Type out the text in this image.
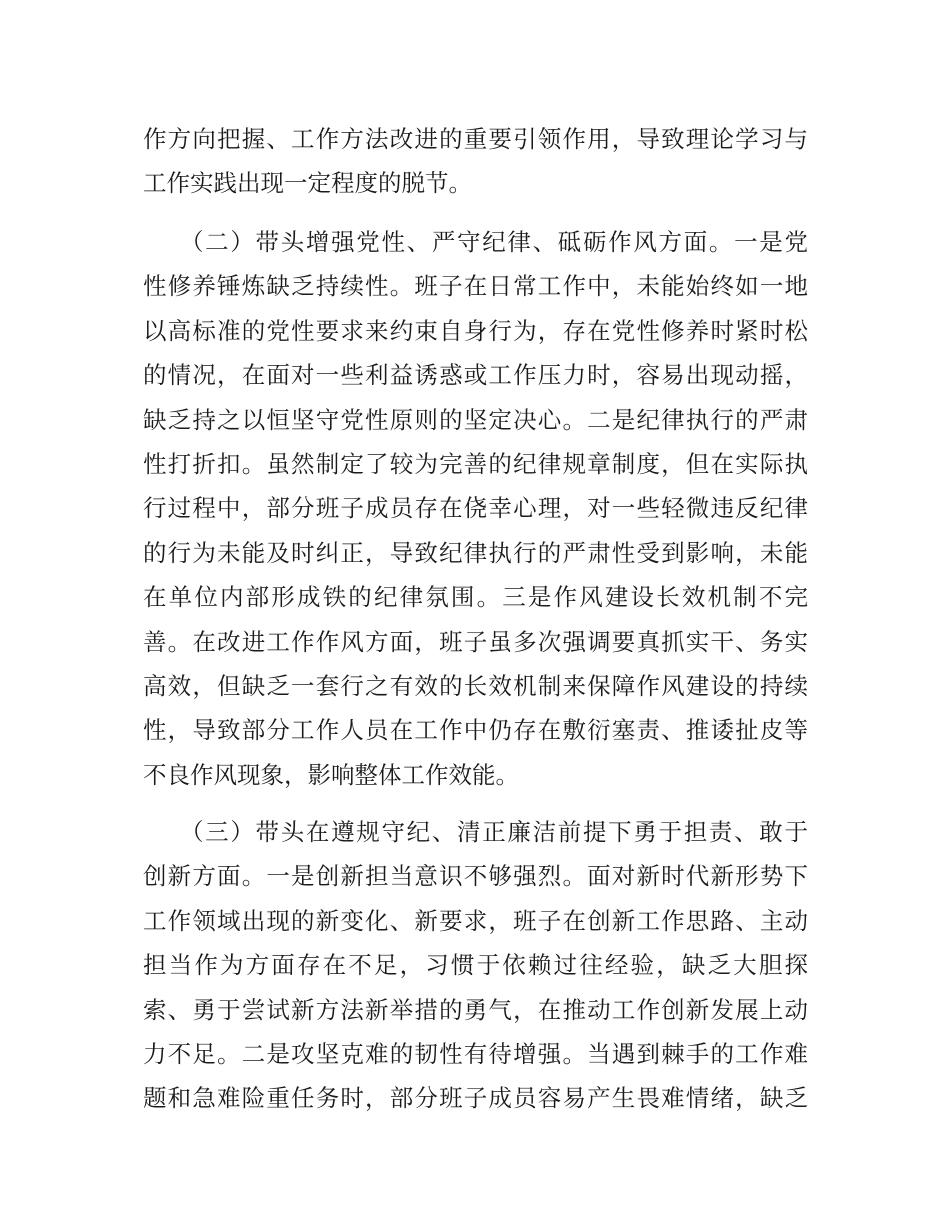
作方向把握、工作方法改进的重要引领作用，导致理论学习与
工作实践出现一定程度的脱节。
（二）带头增强党性、严守纪律、砥砺作风方面。一是党
性修养锤炼缺乏持续性。班子在日常工作中，未能始终如一地
以高标准的党性要求来约束自身行为，存在党性修养时紧时松
的情况，在面对一些利益诱惑或工作压力时，容易出现动摇，
缺乏持之以恒坚守党性原则的坚定决心。二是纪律执行的严肃
性打折扣。虽然制定了较为完善的纪律规章制度，但在实际执
行过程中，部分班子成员存在侥幸心理，对一些轻微违反纪律
的行为未能及时纠正，导致纪律执行的严肃性受到影响，未能
在单位内部形成铁的纪律氛围。三是作风建设长效机制不完
善。在改进工作作风方面，班子虽多次强调要真抓实干、务实
高效，但缺乏一套行之有效的长效机制来保障作风建设的持续
性，导致部分工作人员在工作中仍存在敷衍塞责、推诿扯皮等
不良作风现象，影响整体工作效能。
（三）带头在遵规守纪、清正廉洁前提下勇于担责、敢于
创新方面。一是创新担当意识不够强烈。面对新时代新形势下
工作领域出现的新变化、新要求，班子在创新工作思路、主动
担当作为方面存在不足，习惯于依赖过往经验，缺乏大胆探
索、勇于尝试新方法新举措的勇气，在推动工作创新发展上动
力不足。二是攻坚克难的韧性有待增强。当遇到棘手的工作难
题和急难险重任务时，部分班子成员容易产生畏难情绪，缺乏
